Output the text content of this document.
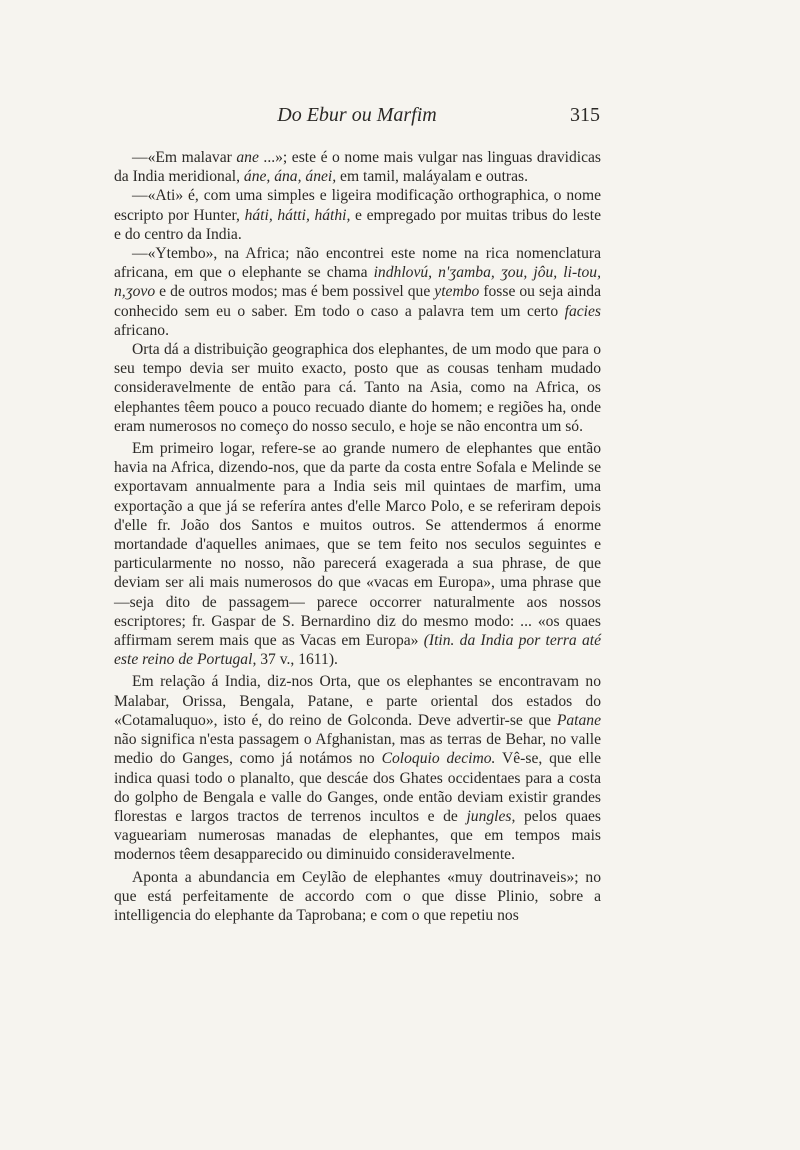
Do Ebur ou Marfim	315

—«Em malavar ane ...»; este é o nome mais vulgar nas linguas dravidicas da India meridional, áne, ána, ánei, em tamil, maláyalam e outras.

—«Ati» é, com uma simples e ligeira modificação orthographica, o nome escripto por Hunter, háti, hátti, háthi, e empregado por muitas tribus do leste e do centro da India.

—«Ytembo», na Africa; não encontrei este nome na rica nomenclatura africana, em que o elephante se chama indhlovú, n'ʒamba, ʒou, jôu, li-tou, n,ʒovo e de outros modos; mas é bem possivel que ytembo fosse ou seja ainda conhecido sem eu o saber. Em todo o caso a palavra tem um certo facies africano.

Orta dá a distribuição geographica dos elephantes, de um modo que para o seu tempo devia ser muito exacto, posto que as cousas tenham mudado consideravelmente de então para cá. Tanto na Asia, como na Africa, os elephantes têem pouco a pouco recuado diante do homem; e regiões ha, onde eram numerosos no começo do nosso seculo, e hoje se não encontra um só.

Em primeiro logar, refere-se ao grande numero de elephantes que então havia na Africa, dizendo-nos, que da parte da costa entre Sofala e Melinde se exportavam annualmente para a India seis mil quintaes de marfim, uma exportação a que já se referíra antes d'elle Marco Polo, e se referiram depois d'elle fr. João dos Santos e muitos outros. Se attendermos á enorme mortandade d'aquelles animaes, que se tem feito nos seculos seguintes e particularmente no nosso, não parecerá exagerada a sua phrase, de que deviam ser ali mais numerosos do que «vacas em Europa», uma phrase que —seja dito de passagem— parece occorrer naturalmente aos nossos escriptores; fr. Gaspar de S. Bernardino diz do mesmo modo: ... «os quaes affirmam serem mais que as Vacas em Europa» (Itin. da India por terra até este reino de Portugal, 37 v., 1611).

Em relação á India, diz-nos Orta, que os elephantes se encontravam no Malabar, Orissa, Bengala, Patane, e parte oriental dos estados do «Cotamaluquo», isto é, do reino de Golconda. Deve advertir-se que Patane não significa n'esta passagem o Afghanistan, mas as terras de Behar, no valle medio do Ganges, como já notámos no Coloquio decimo. Vê-se, que elle indica quasi todo o planalto, que descáe dos Ghates occidentaes para a costa do golpho de Bengala e valle do Ganges, onde então deviam existir grandes florestas e largos tractos de terrenos incultos e de jungles, pelos quaes vagueariam numerosas manadas de elephantes, que em tempos mais modernos têem desapparecido ou diminuido consideravelmente.

Aponta a abundancia em Ceylão de elephantes «muy doutrinaveis»; no que está perfeitamente de accordo com o que disse Plinio, sobre a intelligencia do elephante da Taprobana; e com o que repetiu nos
